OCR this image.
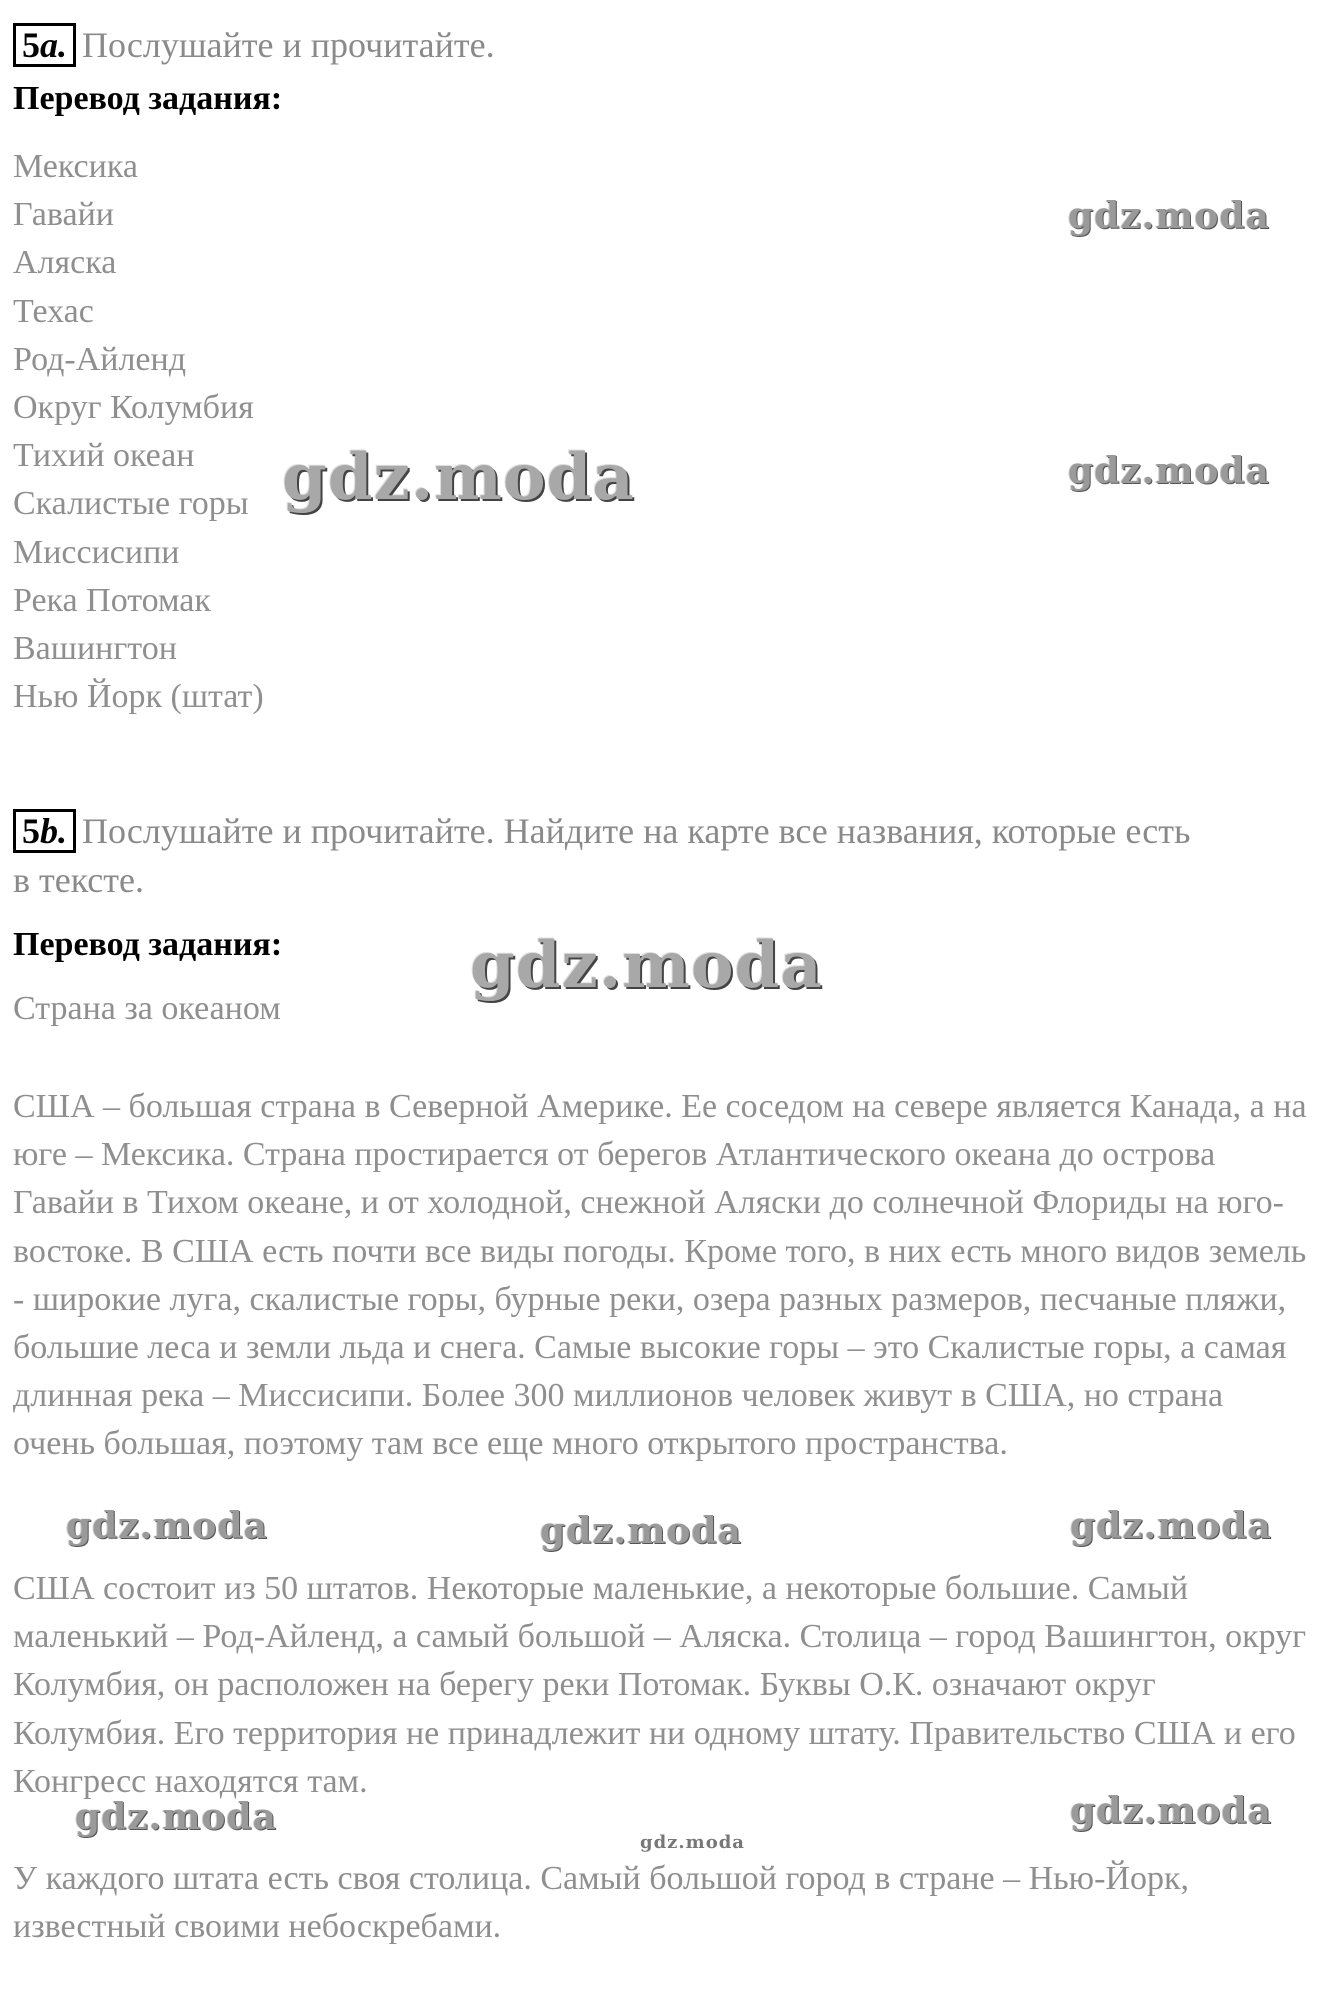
5a. Послушайте и прочитайте.
Перевод задания:
Мексика
Гавайи
Аляска
Техас
Род-Айленд
Округ Колумбия
Тихий океан
Скалистые горы
Миссисипи
Река Потомак
Вашингтон
Нью Йорк (штат)
5b. Послушайте и прочитайте. Найдите на карте все названия, которые есть
в тексте.
Перевод задания:
Страна за океаном

США – большая страна в Северной Америке. Ее соседом на севере является Канада, а на юге – Мексика. Страна простирается от берегов Атлантического океана до острова Гавайи в Тихом океане, и от холодной, снежной Аляски до солнечной Флориды на юго-востоке. В США есть почти все виды погоды. Кроме того, в них есть много видов земель - широкие луга, скалистые горы, бурные реки, озера разных размеров, песчаные пляжи, большие леса и земли льда и снега. Самые высокие горы – это Скалистые горы, а самая длинная река – Миссисипи. Более 300 миллионов человек живут в США, но страна очень большая, поэтому там все еще много открытого пространства.

США состоит из 50 штатов. Некоторые маленькие, а некоторые большие. Самый маленький – Род-Айленд, а самый большой – Аляска. Столица – город Вашингтон, округ Колумбия, он расположен на берегу реки Потомак. Буквы О.К. означают округ Колумбия. Его территория не принадлежит ни одному штату. Правительство США и его Конгресс находятся там.

У каждого штата есть своя столица. Самый большой город в стране – Нью-Йорк, известный своими небоскребами.

gdz.moda
gdz.moda
gdz.moda
gdz.moda
gdz.moda	gdz.moda	gdz.moda
gdz.moda	gdz.moda
gdz.moda
